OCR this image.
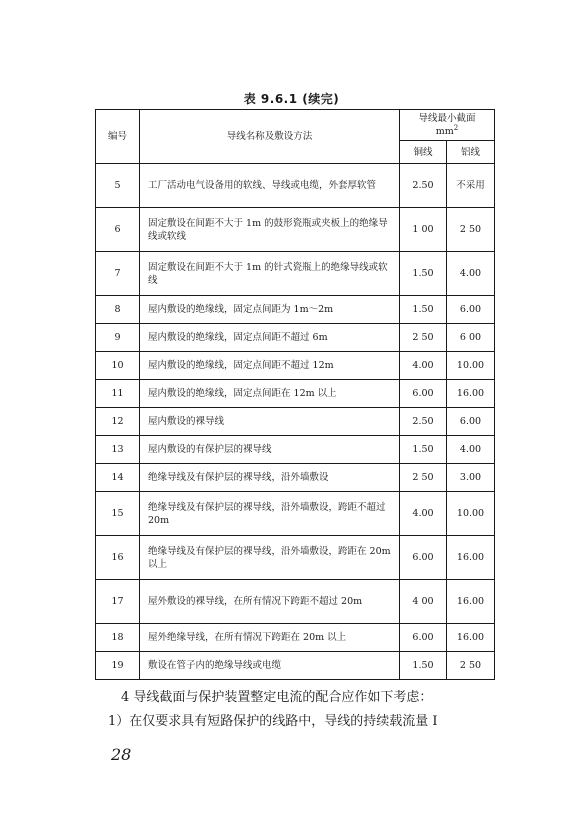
表 9.6.1 (续完)
编号	导线名称及敷设方法	导线最小截面
$mm^2$

		铜线	铝线
5	工厂活动电气设备用的软线、导线或电缆，外套厚软管	2.50	不采用
6	固定敷设在间距不大于 1m 的鼓形瓷瓶或夹板上的绝缘导线或软线	1 00	2 50
7	固定敷设在间距不大于 1m 的针式瓷瓶上的绝缘导线或软线	1.50	4.00
8	屋内敷设的绝缘线，固定点间距为 1m～2m	1.50	6.00
9	屋内敷设的绝缘线，固定点间距不超过 6m	2 50	6 00
10	屋内敷设的绝缘线，固定点间距不超过 12m	4.00	10.00
11	屋内敷设的绝缘线，固定点间距在 12m 以上	6.00	16.00
12	屋内敷设的裸导线	2.50	6.00
13	屋内敷设的有保护层的裸导线	1.50	4.00
14	绝缘导线及有保护层的裸导线，沿外墙敷设	2 50	3.00
15	绝缘导线及有保护层的裸导线，沿外墙敷设，跨距不超过 20m	4.00	10.00
16	绝缘导线及有保护层的裸导线，沿外墙敷设，跨距在 20m 以上	6.00	16.00
17	屋外敷设的裸导线，在所有情况下跨距不超过 20m	4 00	16.00
18	屋外绝缘导线，在所有情况下跨距在 20m 以上	6.00	16.00
19	敷设在管子内的绝缘导线或电缆	1.50	2 50
4 导线截面与保护装置整定电流的配合应作如下考虑：
1）在仅要求具有短路保护的线路中，导线的持续载流量 I
28
